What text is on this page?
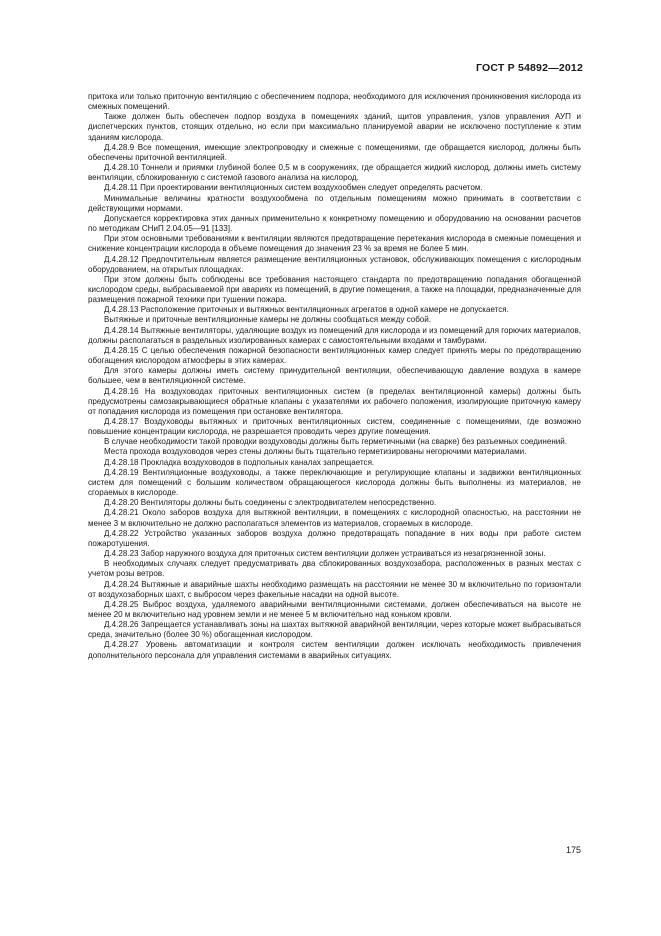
ГОСТ Р 54892—2012

притока или только приточную вентиляцию с обеспечением подпора, необходимого для исключения проникновения кислорода из смежных помещений.

Также должен быть обеспечен подпор воздуха в помещениях зданий, щитов управления, узлов управления АУП и диспетчерских пунктов, стоящих отдельно, но если при максимально планируемой аварии не исключено поступление к этим зданиям кислорода.

Д.4.28.9 Все помещения, имеющие электропроводку и смежные с помещениями, где обращается кислород, должны быть обеспечены приточной вентиляцией.

Д.4.28.10 Тоннели и приямки глубиной более 0,5 м в сооружениях, где обращается жидкий кислород, должны иметь систему вентиляции, сблокированную с системой газового анализа на кислород.

Д.4.28.11 При проектировании вентиляционных систем воздухообмен следует определять расчетом.

Минимальные величины кратности воздухообмена по отдельным помещениям можно принимать в соответствии с действующими нормами.

Допускается корректировка этих данных применительно к конкретному помещению и оборудованию на основании расчетов по методикам СНиП 2.04.05—91 [133].

При этом основными требованиями к вентиляции являются предотвращение перетекания кислорода в смежные помещения и снижение концентрации кислорода в объеме помещения до значения 23 % за время не более 5 мин.

Д.4.28.12 Предпочтительным является размещение вентиляционных установок, обслуживающих помещения с кислородным оборудованием, на открытых площадках.

При этом должны быть соблюдены все требования настоящего стандарта по предотвращению попадания обогащенной кислородом среды, выбрасываемой при авариях из помещений, в другие помещения, а также на площадки, предназначенные для размещения пожарной техники при тушении пожара.

Д.4.28.13 Расположение приточных и вытяжных вентиляционных агрегатов в одной камере не допускается.

Вытяжные и приточные вентиляционные камеры не должны сообщаться между собой.

Д.4.28.14 Вытяжные вентиляторы, удаляющие воздух из помещений для кислорода и из помещений для горючих материалов, должны располагаться в раздельных изолированных камерах с самостоятельными входами и тамбурами.

Д.4.28.15 С целью обеспечения пожарной безопасности вентиляционных камер следует принять меры по предотвращению обогащения кислородом атмосферы в этих камерах.

Для этого камеры должны иметь систему принудительной вентиляции, обеспечивающую давление воздуха в камере большее, чем в вентиляционной системе.

Д.4.28.16 На воздуховодах приточных вентиляционных систем (в пределах вентиляционной камеры) должны быть предусмотрены самозакрывающиеся обратные клапаны с указателями их рабочего положения, изолирующие приточную камеру от попадания кислорода из помещения при остановке вентилятора.

Д.4.28.17 Воздуховоды вытяжных и приточных вентиляционных систем, соединенные с помещениями, где возможно повышение концентрации кислорода, не разрешается проводить через другие помещения.

В случае необходимости такой проводки воздуховоды должны быть герметичными (на сварке) без разъемных соединений.

Места прохода воздуховодов через стены должны быть тщательно герметизированы негорючими материалами.

Д.4.28.18 Прокладка воздуховодов в подпольных каналах запрещается.

Д.4.28.19 Вентиляционные воздуховоды, а также переключающие и регулирующие клапаны и задвижки вентиляционных систем для помещений с большим количеством обращающегося кислорода должны быть выполнены из материалов, не сгораемых в кислороде.

Д.4.28.20 Вентиляторы должны быть соединены с электродвигателем непосредственно.

Д.4.28.21 Около заборов воздуха для вытяжной вентиляции, в помещениях с кислородной опасностью, на расстоянии не менее 3 м включительно не должно располагаться элементов из материалов, сгораемых в кислороде.

Д.4.28.22 Устройство указанных заборов воздуха должно предотвращать попадание в них воды при работе систем пожаротушения.

Д.4.28.23 Забор наружного воздуха для приточных систем вентиляции должен устраиваться из незагрязненной зоны.

В необходимых случаях следует предусматривать два сблокированных воздухозабора, расположенных в разных местах с учетом розы ветров.

Д.4.28.24 Вытяжные и аварийные шахты необходимо размещать на расстоянии не менее 30 м включительно по горизонтали от воздухозаборных шахт, с выбросом через факельные насадки на одной высоте.

Д.4.28.25 Выброс воздуха, удаляемого аварийными вентиляционными системами, должен обеспечиваться на высоте не менее 20 м включительно над уровнем земли и не менее 5 м включительно над коньком кровли.

Д.4.28.26 Запрещается устанавливать зоны на шахтах вытяжной аварийной вентиляции, через которые может выбрасываться среда, значительно (более 30 %) обогащенная кислородом.

Д.4.28.27 Уровень автоматизации и контроля систем вентиляции должен исключать необходимость привлечения дополнительного персонала для управления системами в аварийных ситуациях.

175
